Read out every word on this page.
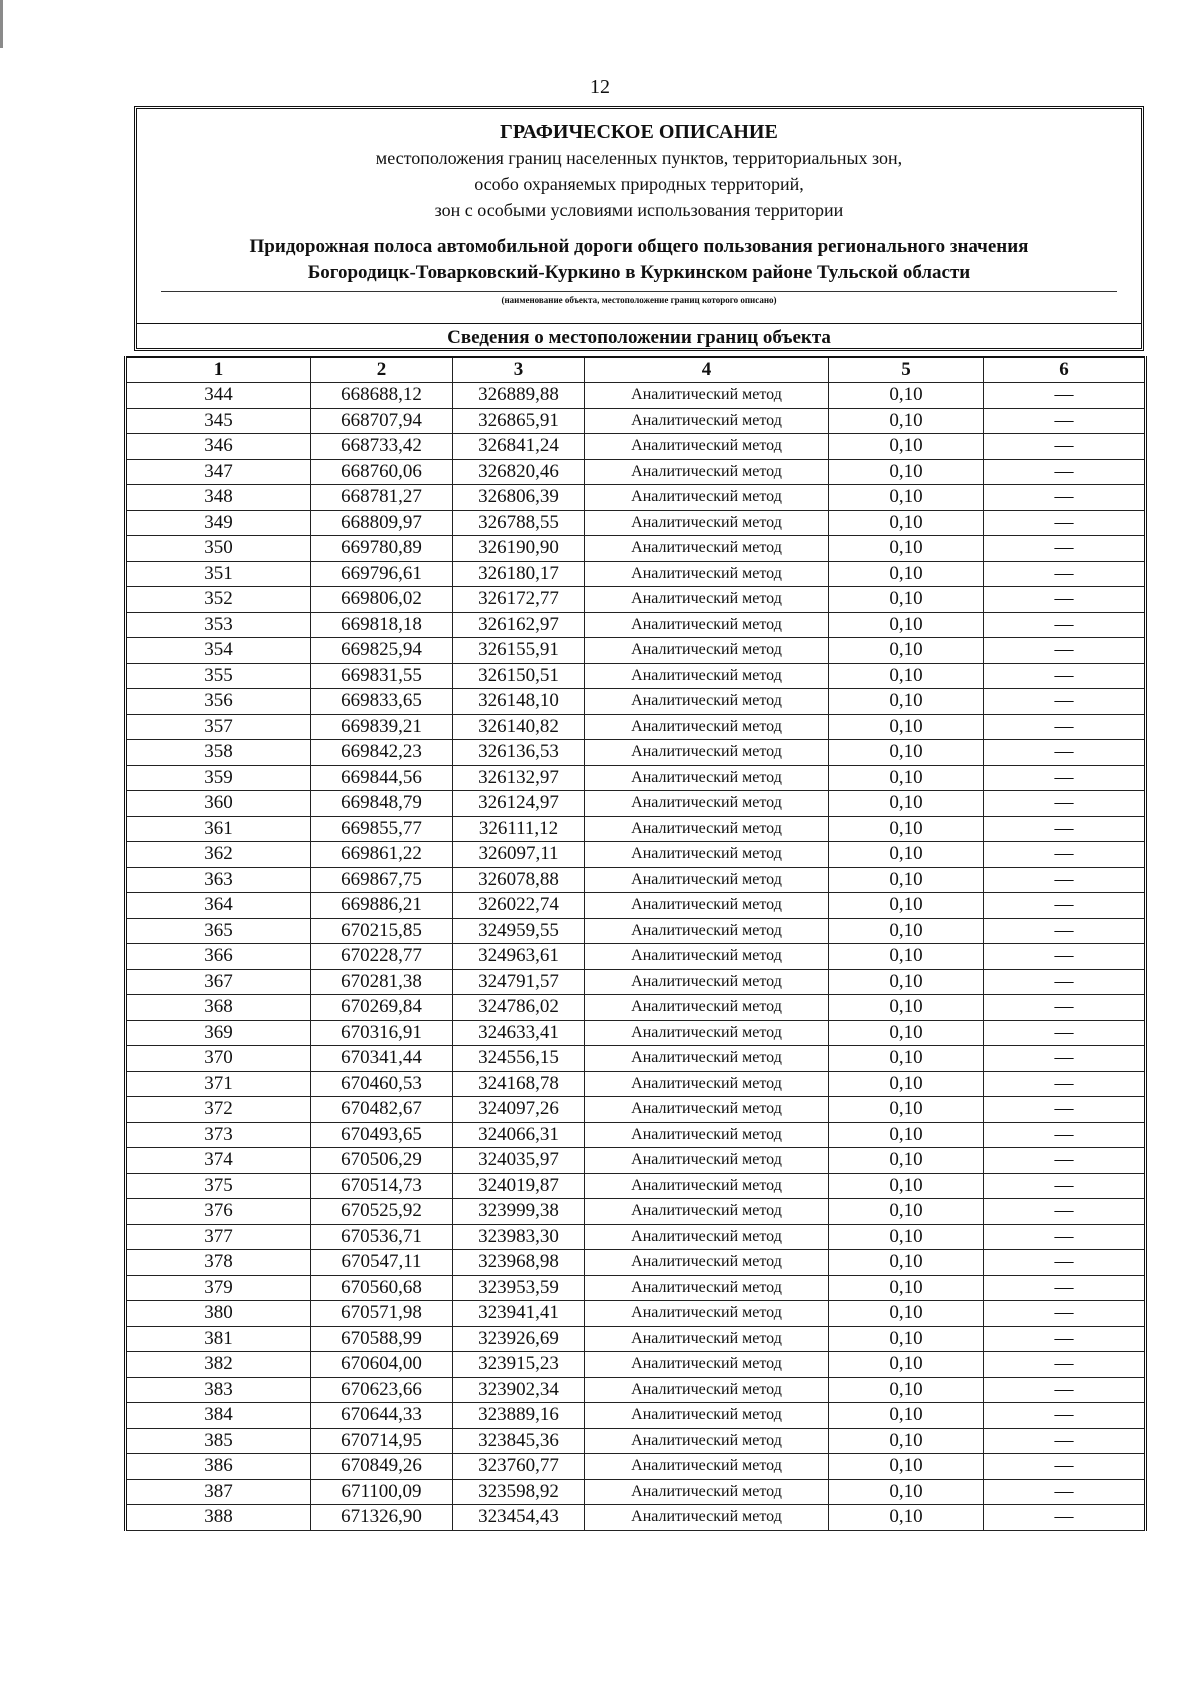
12
ГРАФИЧЕСКОЕ ОПИСАНИЕ
местоположения границ населенных пунктов, территориальных зон,
особо охраняемых природных территорий,
зон с особыми условиями использования территории
Придорожная полоса автомобильной дороги общего пользования регионального значения
Богородицк-Товарковский-Куркино в Куркинском районе Тульской области
(наименование объекта, местоположение границ которого описано)
Сведения о местоположении границ объекта
1	2	3	4	5	6
344	668688,12	326889,88	Аналитический метод	0,10	—
345	668707,94	326865,91	Аналитический метод	0,10	—
346	668733,42	326841,24	Аналитический метод	0,10	—
347	668760,06	326820,46	Аналитический метод	0,10	—
348	668781,27	326806,39	Аналитический метод	0,10	—
349	668809,97	326788,55	Аналитический метод	0,10	—
350	669780,89	326190,90	Аналитический метод	0,10	—
351	669796,61	326180,17	Аналитический метод	0,10	—
352	669806,02	326172,77	Аналитический метод	0,10	—
353	669818,18	326162,97	Аналитический метод	0,10	—
354	669825,94	326155,91	Аналитический метод	0,10	—
355	669831,55	326150,51	Аналитический метод	0,10	—
356	669833,65	326148,10	Аналитический метод	0,10	—
357	669839,21	326140,82	Аналитический метод	0,10	—
358	669842,23	326136,53	Аналитический метод	0,10	—
359	669844,56	326132,97	Аналитический метод	0,10	—
360	669848,79	326124,97	Аналитический метод	0,10	—
361	669855,77	326111,12	Аналитический метод	0,10	—
362	669861,22	326097,11	Аналитический метод	0,10	—
363	669867,75	326078,88	Аналитический метод	0,10	—
364	669886,21	326022,74	Аналитический метод	0,10	—
365	670215,85	324959,55	Аналитический метод	0,10	—
366	670228,77	324963,61	Аналитический метод	0,10	—
367	670281,38	324791,57	Аналитический метод	0,10	—
368	670269,84	324786,02	Аналитический метод	0,10	—
369	670316,91	324633,41	Аналитический метод	0,10	—
370	670341,44	324556,15	Аналитический метод	0,10	—
371	670460,53	324168,78	Аналитический метод	0,10	—
372	670482,67	324097,26	Аналитический метод	0,10	—
373	670493,65	324066,31	Аналитический метод	0,10	—
374	670506,29	324035,97	Аналитический метод	0,10	—
375	670514,73	324019,87	Аналитический метод	0,10	—
376	670525,92	323999,38	Аналитический метод	0,10	—
377	670536,71	323983,30	Аналитический метод	0,10	—
378	670547,11	323968,98	Аналитический метод	0,10	—
379	670560,68	323953,59	Аналитический метод	0,10	—
380	670571,98	323941,41	Аналитический метод	0,10	—
381	670588,99	323926,69	Аналитический метод	0,10	—
382	670604,00	323915,23	Аналитический метод	0,10	—
383	670623,66	323902,34	Аналитический метод	0,10	—
384	670644,33	323889,16	Аналитический метод	0,10	—
385	670714,95	323845,36	Аналитический метод	0,10	—
386	670849,26	323760,77	Аналитический метод	0,10	—
387	671100,09	323598,92	Аналитический метод	0,10	—
388	671326,90	323454,43	Аналитический метод	0,10	—
